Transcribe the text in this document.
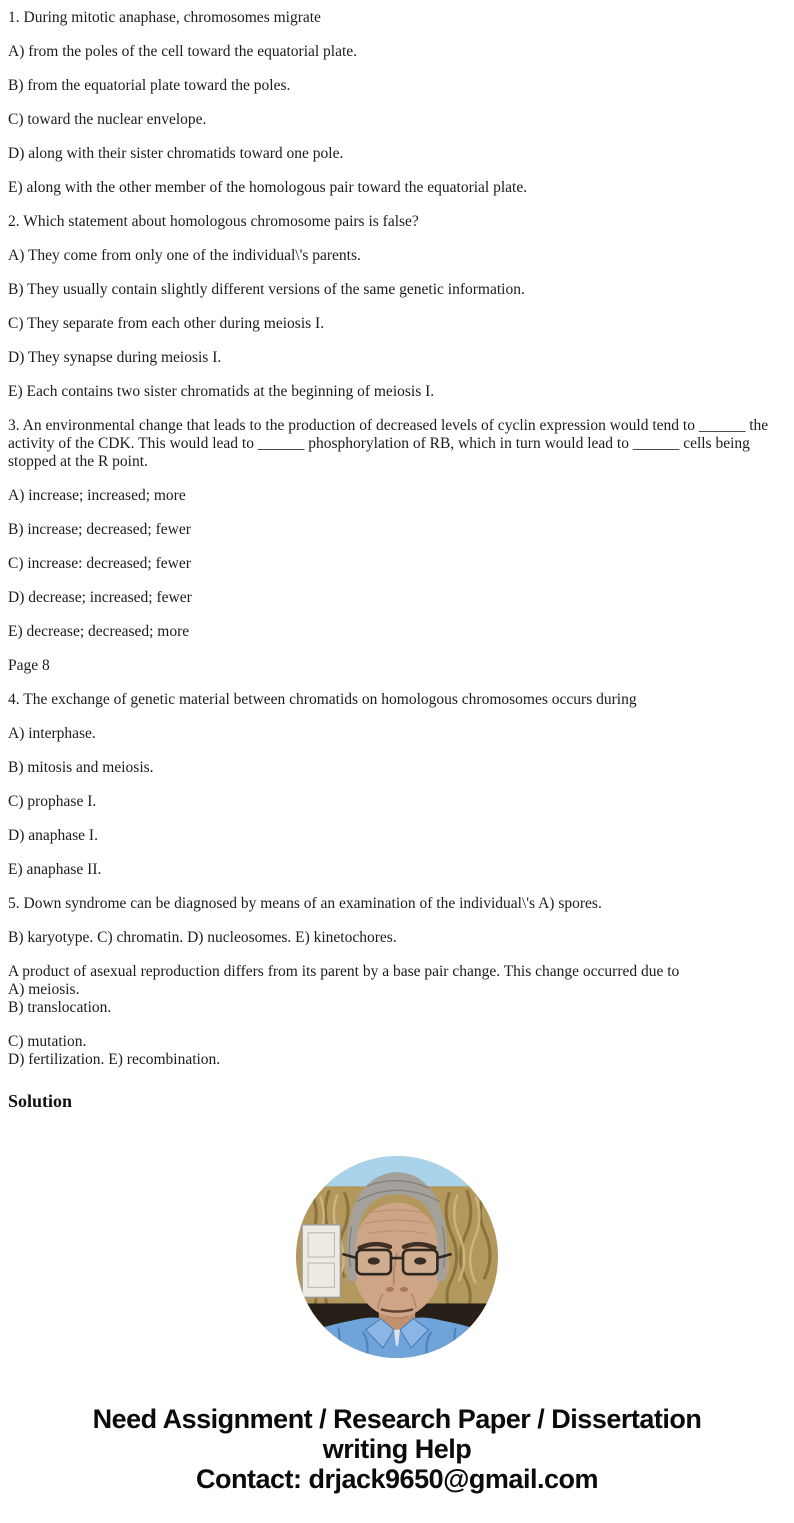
1. During mitotic anaphase, chromosomes migrate

A) from the poles of the cell toward the equatorial plate.

B) from the equatorial plate toward the poles.

C) toward the nuclear envelope.

D) along with their sister chromatids toward one pole.

E) along with the other member of the homologous pair toward the equatorial plate.

2. Which statement about homologous chromosome pairs is false?

A) They come from only one of the individual\'s parents.

B) They usually contain slightly different versions of the same genetic information.

C) They separate from each other during meiosis I.

D) They synapse during meiosis I.

E) Each contains two sister chromatids at the beginning of meiosis I.

3. An environmental change that leads to the production of decreased levels of cyclin expression would tend to ______ the activity of the CDK. This would lead to ______ phosphorylation of RB, which in turn would lead to ______ cells being stopped at the R point.

A) increase; increased; more

B) increase; decreased; fewer

C) increase: decreased; fewer

D) decrease; increased; fewer

E) decrease; decreased; more

Page 8

4. The exchange of genetic material between chromatids on homologous chromosomes occurs during

A) interphase.

B) mitosis and meiosis.

C) prophase I.

D) anaphase I.

E) anaphase II.

5. Down syndrome can be diagnosed by means of an examination of the individual\'s A) spores.

B) karyotype. C) chromatin. D) nucleosomes. E) kinetochores.

A product of asexual reproduction differs from its parent by a base pair change. This change occurred due to

A) meiosis.

B) translocation.

C) mutation.

D) fertilization. E) recombination.

Solution
Need Assignment / Research Paper / Dissertation
writing Help
Contact: drjack9650@gmail.com
